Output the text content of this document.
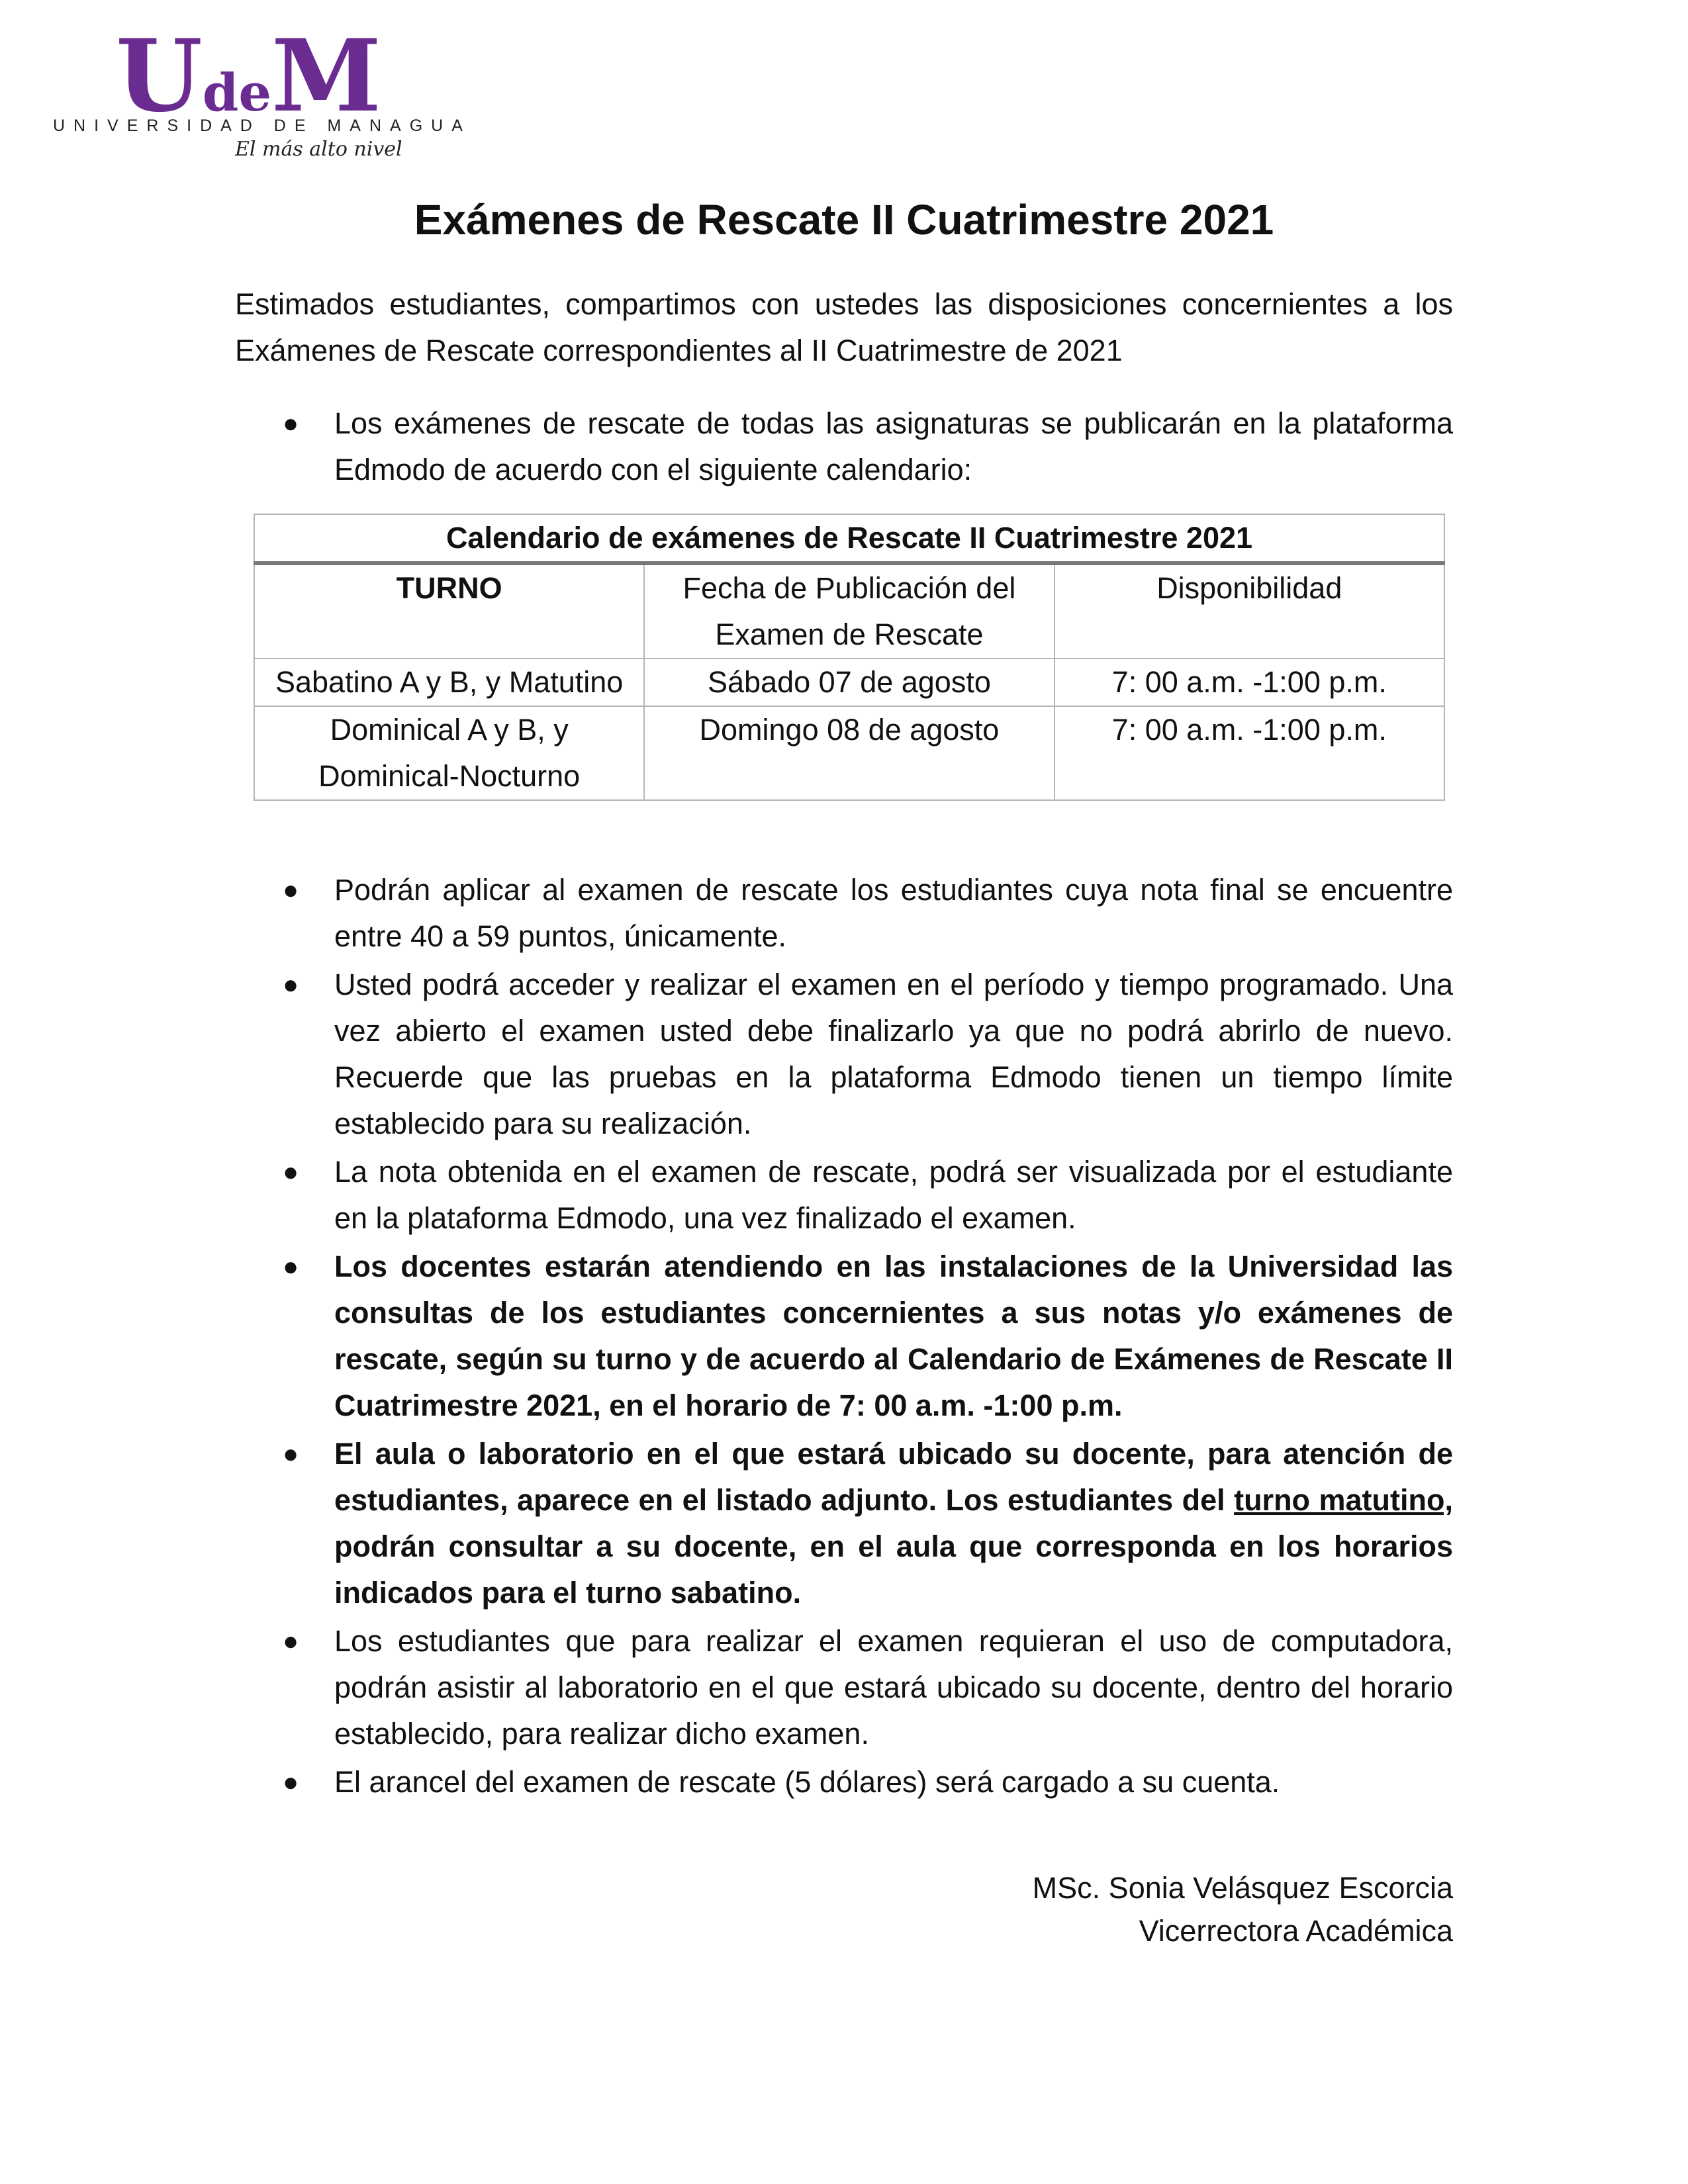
UdeM
UNIVERSIDAD DE MANAGUA
El más alto nivel
Exámenes de Rescate II Cuatrimestre 2021

Estimados estudiantes, compartimos con ustedes las disposiciones concernientes a los Exámenes de Rescate correspondientes al II Cuatrimestre de 2021

● Los exámenes de rescate de todas las asignaturas se publicarán en la plataforma Edmodo de acuerdo con el siguiente calendario:
Calendario de exámenes de Rescate II Cuatrimestre 2021		
TURNO	Fecha de Publicación del Examen de Rescate	Disponibilidad
Sabatino A y B, y Matutino	Sábado 07 de agosto	7: 00 a.m. -1:00 p.m.
Dominical A y B, y Dominical-Nocturno	Domingo 08 de agosto	7: 00 a.m. -1:00 p.m.
● Podrán aplicar al examen de rescate los estudiantes cuya nota final se encuentre entre 40 a 59 puntos, únicamente.
● Usted podrá acceder y realizar el examen en el período y tiempo programado. Una vez abierto el examen usted debe finalizarlo ya que no podrá abrirlo de nuevo. Recuerde que las pruebas en la plataforma Edmodo tienen un tiempo límite establecido para su realización.
● La nota obtenida en el examen de rescate, podrá ser visualizada por el estudiante en la plataforma Edmodo, una vez finalizado el examen.
● Los docentes estarán atendiendo en las instalaciones de la Universidad las consultas de los estudiantes concernientes a sus notas y/o exámenes de rescate, según su turno y de acuerdo al Calendario de Exámenes de Rescate II Cuatrimestre 2021, en el horario de 7: 00 a.m. -1:00 p.m.
● El aula o laboratorio en el que estará ubicado su docente, para atención de estudiantes, aparece en el listado adjunto. Los estudiantes del turno matutino, podrán consultar a su docente, en el aula que corresponda en los horarios indicados para el turno sabatino.
● Los estudiantes que para realizar el examen requieran el uso de computadora, podrán asistir al laboratorio en el que estará ubicado su docente, dentro del horario establecido, para realizar dicho examen.
● El arancel del examen de rescate (5 dólares) será cargado a su cuenta.
MSc. Sonia Velásquez Escorcia
Vicerrectora Académica
